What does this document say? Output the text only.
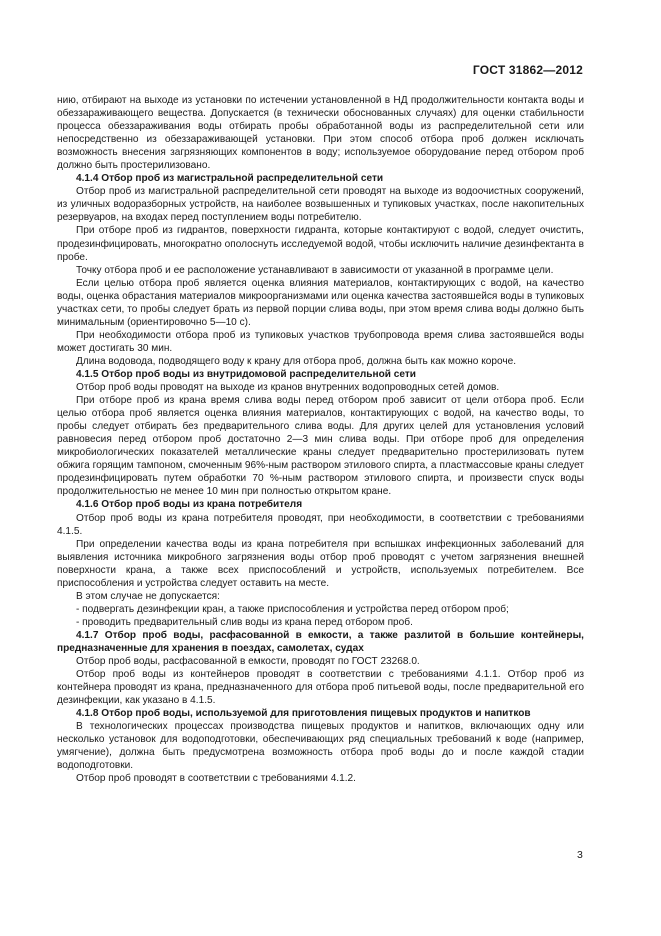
ГОСТ 31862—2012

нию, отбирают на выходе из установки по истечении установленной в НД продолжительности контакта воды и обеззараживающего вещества. Допускается (в технически обоснованных случаях) для оценки стабильности процесса обеззараживания воды отбирать пробы обработанной воды из распределительной сети или непосредственно из обеззараживающей установки. При этом способ отбора проб должен исключать возможность внесения загрязняющих компонентов в воду; используемое оборудование перед отбором проб должно быть простерилизовано.

4.1.4 Отбор проб из магистральной распределительной сети

Отбор проб из магистральной распределительной сети проводят на выходе из водоочистных сооружений, из уличных водоразборных устройств, на наиболее возвышенных и тупиковых участках, после накопительных резервуаров, на входах перед поступлением воды потребителю.

При отборе проб из гидрантов, поверхности гидранта, которые контактируют с водой, следует очистить, продезинфицировать, многократно ополоснуть исследуемой водой, чтобы исключить наличие дезинфектанта в пробе.

Точку отбора проб и ее расположение устанавливают в зависимости от указанной в программе цели.

Если целью отбора проб является оценка влияния материалов, контактирующих с водой, на качество воды, оценка обрастания материалов микроорганизмами или оценка качества застоявшейся воды в тупиковых участках сети, то пробы следует брать из первой порции слива воды, при этом время слива воды должно быть минимальным (ориентировочно 5—10 с).

При необходимости отбора проб из тупиковых участков трубопровода время слива застоявшейся воды может достигать 30 мин.

Длина водовода, подводящего воду к крану для отбора проб, должна быть как можно короче.

4.1.5 Отбор проб воды из внутридомовой распределительной сети

Отбор проб воды проводят на выходе из кранов внутренних водопроводных сетей домов.

При отборе проб из крана время слива воды перед отбором проб зависит от цели отбора проб. Если целью отбора проб является оценка влияния материалов, контактирующих с водой, на качество воды, то пробы следует отбирать без предварительного слива воды. Для других целей для установления условий равновесия перед отбором проб достаточно 2—3 мин слива воды. При отборе проб для определения микробиологических показателей металлические краны следует предварительно простерилизовать путем обжига горящим тампоном, смоченным 96%-ным раствором этилового спирта, а пластмассовые краны следует продезинфицировать путем обработки 70 %-ным раствором этилового спирта, и произвести спуск воды продолжительностью не менее 10 мин при полностью открытом кране.

4.1.6 Отбор проб воды из крана потребителя

Отбор проб воды из крана потребителя проводят, при необходимости, в соответствии с требованиями 4.1.5.

При определении качества воды из крана потребителя при вспышках инфекционных заболеваний для выявления источника микробного загрязнения воды отбор проб проводят с учетом загрязнения внешней поверхности крана, а также всех приспособлений и устройств, используемых потребителем. Все приспособления и устройства следует оставить на месте.

В этом случае не допускается:

- подвергать дезинфекции кран, а также приспособления и устройства перед отбором проб;

- проводить предварительный слив воды из крана перед отбором проб.

4.1.7 Отбор проб воды, расфасованной в емкости, а также разлитой в большие контейнеры, предназначенные для хранения в поездах, самолетах, судах

Отбор проб воды, расфасованной в емкости, проводят по ГОСТ 23268.0.

Отбор проб воды из контейнеров проводят в соответствии с требованиями 4.1.1. Отбор проб из контейнера проводят из крана, предназначенного для отбора проб питьевой воды, после предварительной его дезинфекции, как указано в 4.1.5.

4.1.8 Отбор проб воды, используемой для приготовления пищевых продуктов и напитков

В технологических процессах производства пищевых продуктов и напитков, включающих одну или несколько установок для водоподготовки, обеспечивающих ряд специальных требований к воде (например, умягчение), должна быть предусмотрена возможность отбора проб воды до и после каждой стадии водоподготовки.

Отбор проб проводят в соответствии с требованиями 4.1.2.

3
